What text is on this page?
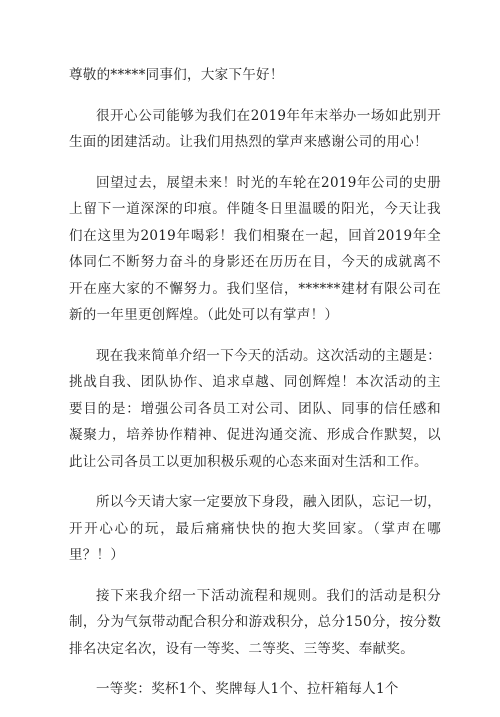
尊敬的*****同事们，大家下午好！

很开心公司能够为我们在2019年年末举办一场如此别开生面的团建活动。让我们用热烈的掌声来感谢公司的用心！

回望过去，展望未来！时光的车轮在2019年公司的史册上留下一道深深的印痕。伴随冬日里温暖的阳光，今天让我们在这里为2019年喝彩！我们相聚在一起，回首2019年全体同仁不断努力奋斗的身影还在历历在目，今天的成就离不开在座大家的不懈努力。我们坚信，******建材有限公司在新的一年里更创辉煌。（此处可以有掌声！）

现在我来简单介绍一下今天的活动。这次活动的主题是：挑战自我、团队协作、追求卓越、同创辉煌！本次活动的主要目的是：增强公司各员工对公司、团队、同事的信任感和凝聚力，培养协作精神、促进沟通交流、形成合作默契，以此让公司各员工以更加积极乐观的心态来面对生活和工作。

所以今天请大家一定要放下身段，融入团队，忘记一切，开开心心的玩，最后痛痛快快的抱大奖回家。（掌声在哪里？！）

接下来我介绍一下活动流程和规则。我们的活动是积分制，分为气氛带动配合积分和游戏积分，总分150分，按分数排名决定名次，设有一等奖、二等奖、三等奖、奉献奖。

一等奖：奖杯1个、奖牌每人1个、拉杆箱每人1个
